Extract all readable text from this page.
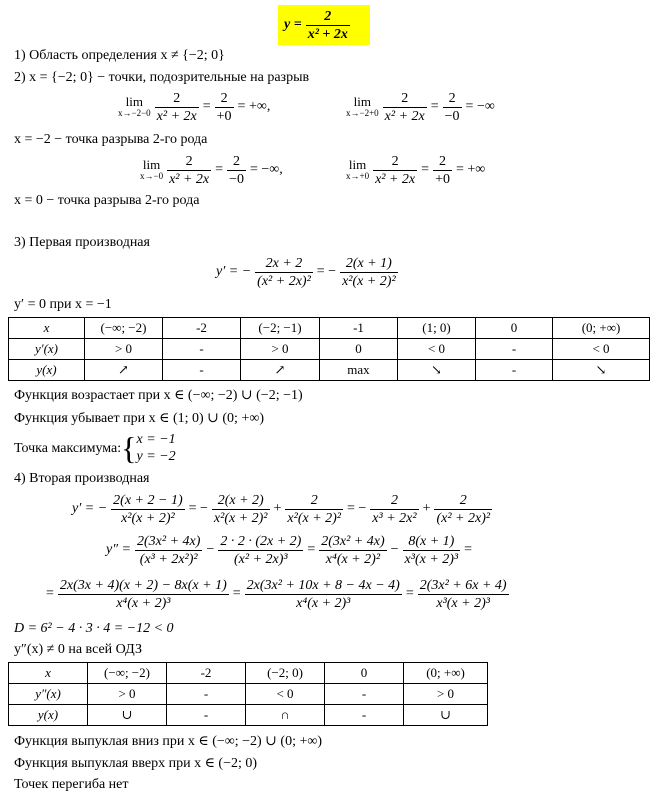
$y = \frac{2}{\text{x² + 2x}}$
1) Область определения x ≠ {−2; 0}
2) x = {−2; 0} − точки, подозрительные на разрыв
lim
$x\to-2-0 \frac{2}{\text{x² + 2x}} = \frac{2}{+0}$ = +∞,	lim
$x\to-2+0 \frac{2}{\text{x² + 2x}} = \frac{2}{-0}$ = −∞
x = −2 − точка разрыва 2-го рода
lim
$x\to-0 \frac{2}{\text{x² + 2x}} = \frac{2}{-0}$ = −∞,	lim
$x\to+0 \frac{2}{\text{x² + 2x}} = \frac{2}{+0}$ = +∞
x = 0 − точка разрыва 2-го рода
3) Первая производная
y′ = − $\frac{2x + 2}{\text{(x² + 2x)²}}$ = − $\frac{2(x + 1)}{\text{x²(x + 2)²}}$
y′ = 0 при x = −1
x	(−∞; −2)	-2	(−2; −1)	-1	(1; 0)	0	(0; +∞)
y′(x)	> 0	-	> 0	0	< 0	-	< 0
y(x)	↗	-	↗	max	↘	-	↘
Функция возрастает при x ∈ (−∞; −2) ∪ (−2; −1)
Функция убывает при x ∈ (1; 0) ∪ (0; +∞)
Точка максимума: { x = −1
y = −2
4) Вторая производная
y′ = − $\frac{2(x + 2 - 1)}{\text{x²(x + 2)²}}$ = − $\frac{2(x + 2)}{\text{x²(x + 2)²}} + \frac{2}{\text{x²(x + 2)²}}$ = − $\frac{2}{\text{x³ + 2x²}} + \frac{2}{\text{(x² + 2x)²}}$
$y'' = \frac{\text{2(3x² + 4x)}}{\text{(x³ + 2x²)²}} - \frac{2 \cdot 2 \cdot (2x + 2)}{\text{(x² + 2x)³}} = \frac{\text{2(3x² + 4x)}}{\text{x⁴(x + 2)²}} - \frac{8(x + 1)}{\text{x³(x + 2)³}}$ =
= $\frac{2x(3x + 4)(x + 2) - 8x(x + 1)}{\text{x⁴(x + 2)³}} = \frac{\text{2x(3x² + 10x + 8 − 4x − 4)}}{\text{x⁴(x + 2)³}} = \frac{\text{2(3x² + 6x + 4)}}{\text{x³(x + 2)³}}$
D = 6² − 4 · 3 · 4 = −12 < 0
y″(x) ≠ 0 на всей ОДЗ
x	(−∞; −2)	-2	(−2; 0)	0	(0; +∞)
y″(x)	> 0	-	< 0	-	> 0
y(x)	∪	-	∩	-	∪
Функция выпуклая вниз при x ∈ (−∞; −2) ∪ (0; +∞)
Функция выпуклая вверх при x ∈ (−2; 0)
Точек перегиба нет
